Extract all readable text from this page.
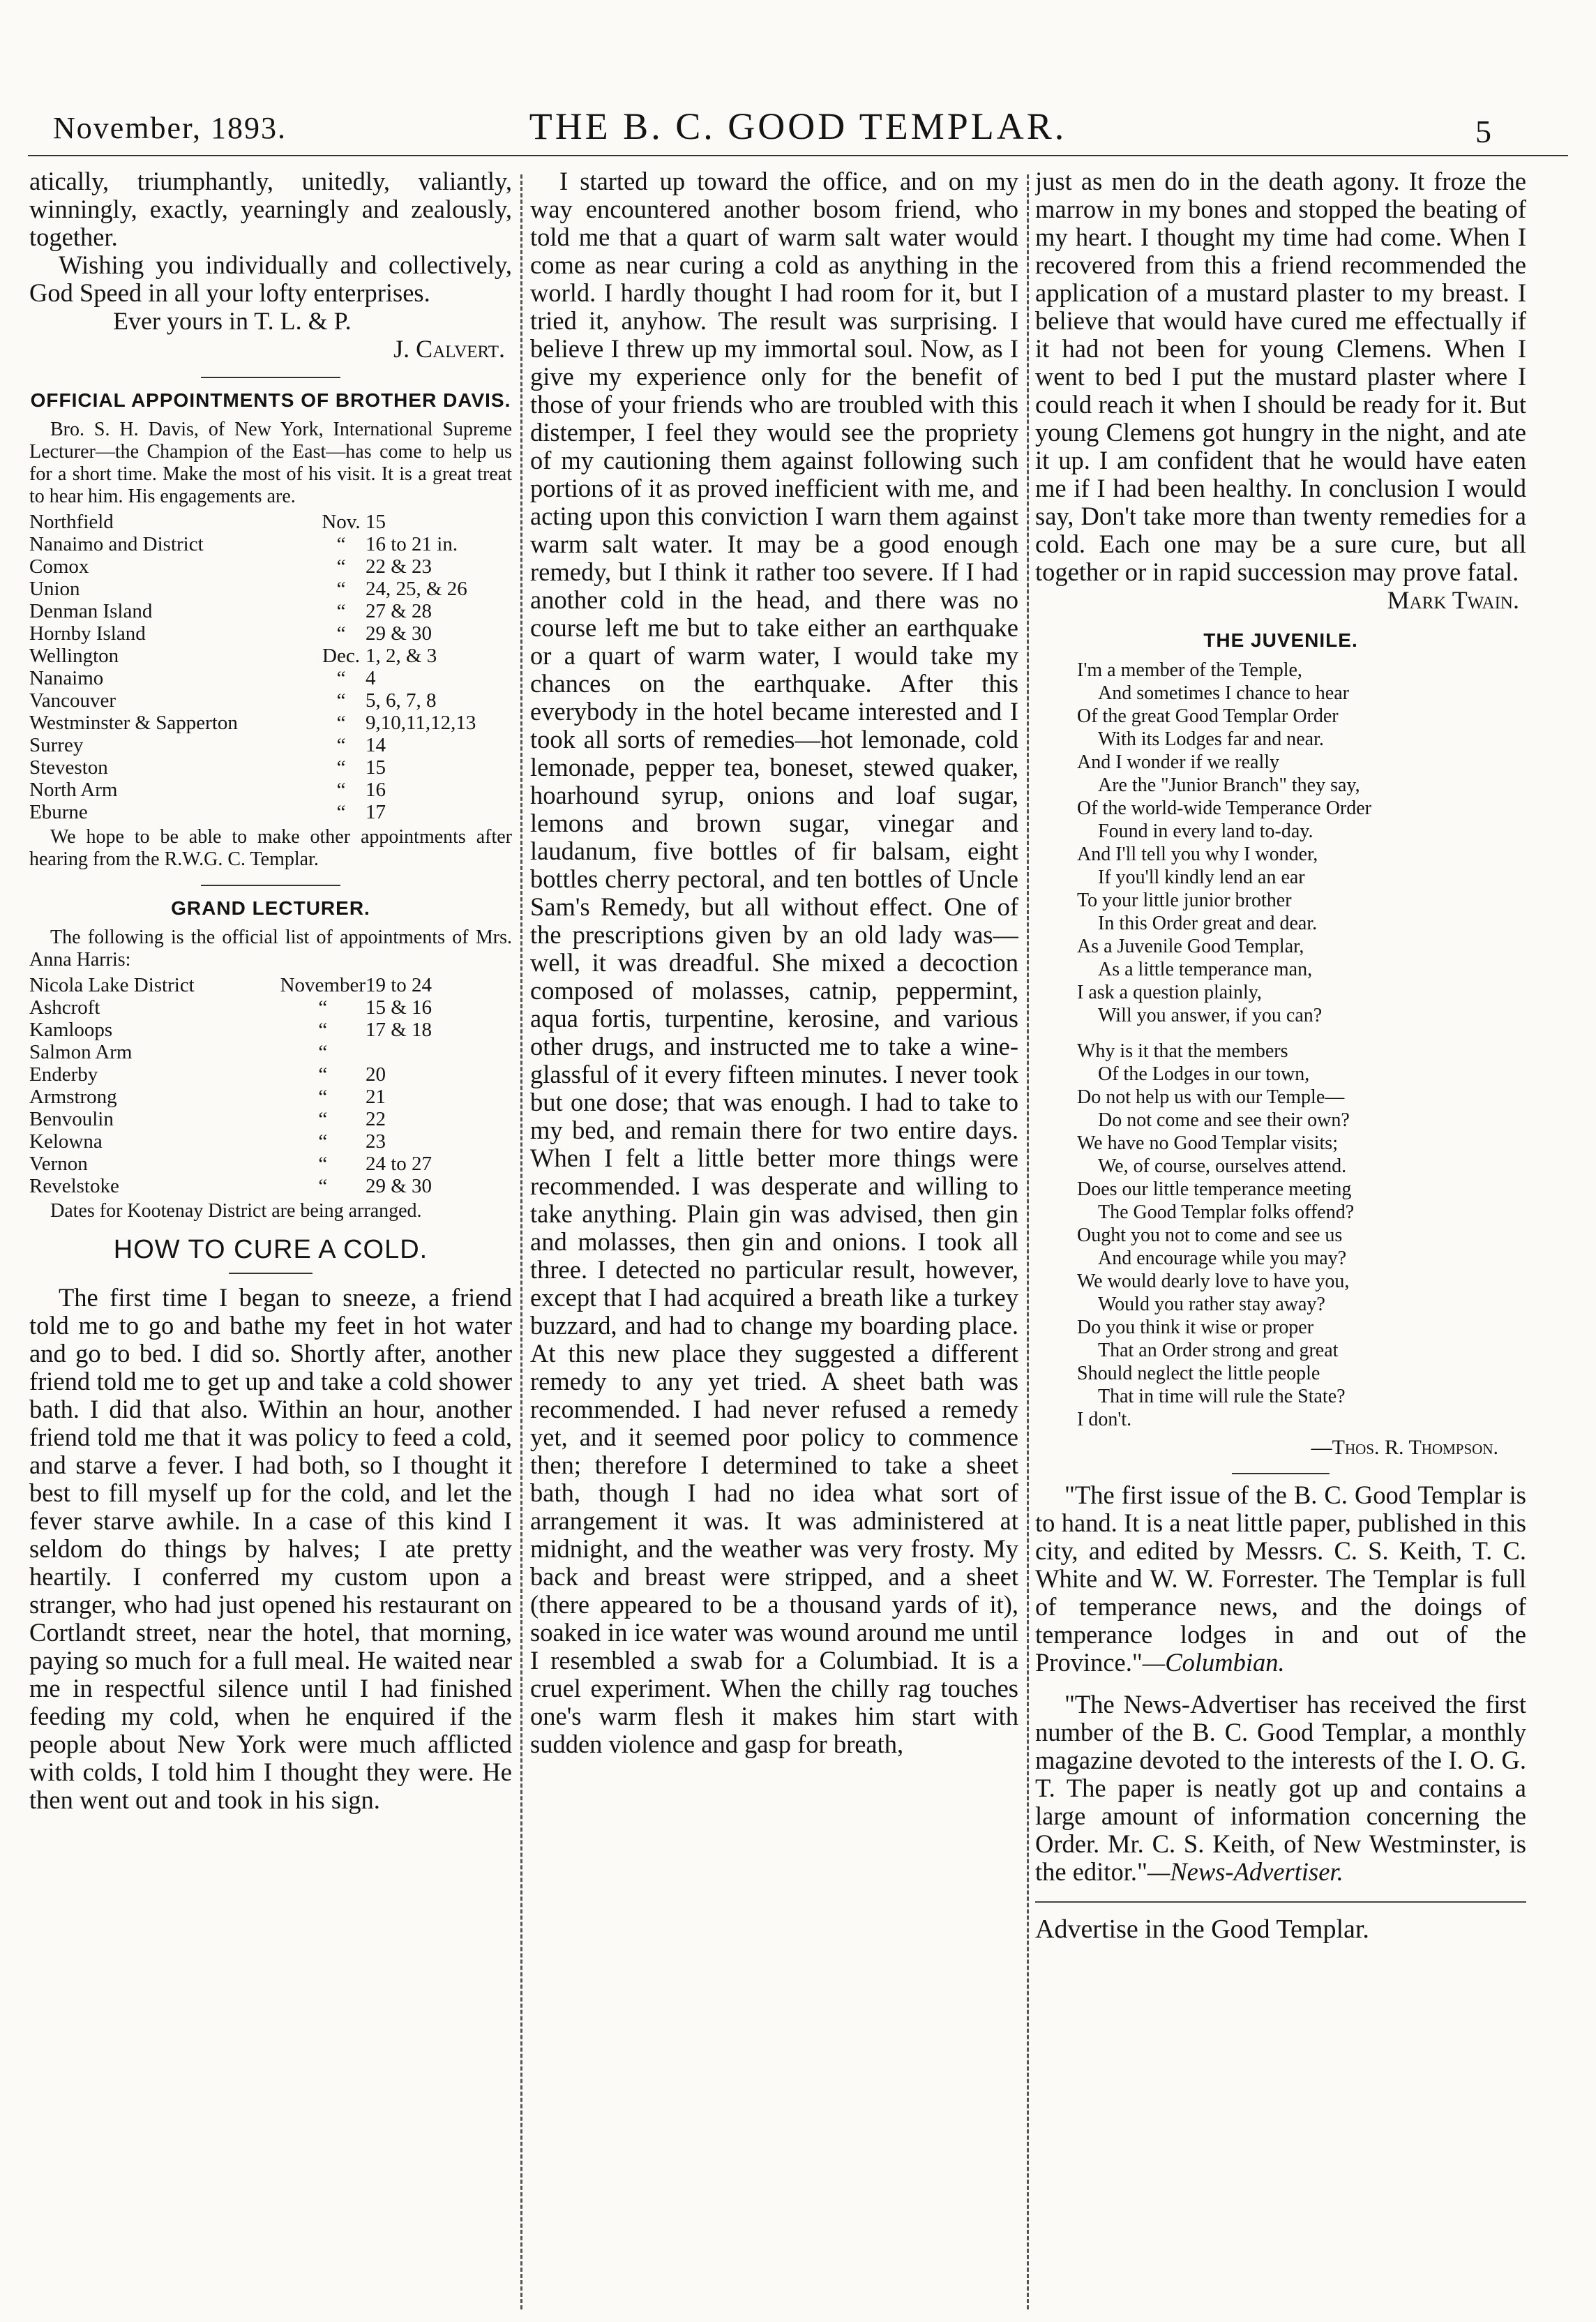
November, 1893.	THE B. C. GOOD TEMPLAR.	5

atically, triumphantly, unitedly, valiantly, winningly, exactly, yearningly and zealously, together.

Wishing you individually and collectively, God Speed in all your lofty enterprises.

Ever yours in T. L. & P.

J. Calvert.

OFFICIAL APPOINTMENTS OF BROTHER DAVIS.

Bro. S. H. Davis, of New York, International Supreme Lecturer—the Champion of the East—has come to help us for a short time. Make the most of his visit. It is a great treat to hear him. His engagements are.

Northfield	Nov.	15
Nanaimo and District	“	16 to 21 in.
Comox	“	22 & 23
Union	“	24, 25, & 26
Denman Island	“	27 & 28
Hornby Island	“	29 & 30
Wellington	Dec.	1, 2, & 3
Nanaimo	“	4
Vancouver	“	5, 6, 7, 8
Westminster & Sapperton	“	9,10,11,12,13
Surrey	“	14
Steveston	“	15
North Arm	“	16
Eburne	“	17

We hope to be able to make other appointments after hearing from the R.W.G. C. Templar.

GRAND LECTURER.

The following is the official list of appointments of Mrs. Anna Harris:

Nicola Lake District	November	19 to 24
Ashcroft	“	15 & 16
Kamloops	“	17 & 18
Salmon Arm	“	
Enderby	“	20
Armstrong	“	21
Benvoulin	“	22
Kelowna	“	23
Vernon	“	24 to 27
Revelstoke	“	29 & 30

Dates for Kootenay District are being arranged.

HOW TO CURE A COLD.

The first time I began to sneeze, a friend told me to go and bathe my feet in hot water and go to bed. I did so. Shortly after, another friend told me to get up and take a cold shower bath. I did that also. Within an hour, another friend told me that it was policy to feed a cold, and starve a fever. I had both, so I thought it best to fill myself up for the cold, and let the fever starve awhile. In a case of this kind I seldom do things by halves; I ate pretty heartily. I conferred my custom upon a stranger, who had just opened his restaurant on Cortlandt street, near the hotel, that morning, paying so much for a full meal. He waited near me in respectful silence until I had finished feeding my cold, when he enquired if the people about New York were much afflicted with colds, I told him I thought they were. He then went out and took in his sign.

I started up toward the office, and on my way encountered another bosom friend, who told me that a quart of warm salt water would come as near curing a cold as anything in the world. I hardly thought I had room for it, but I tried it, anyhow. The result was surprising. I believe I threw up my immortal soul. Now, as I give my experience only for the benefit of those of your friends who are troubled with this distemper, I feel they would see the propriety of my cautioning them against following such portions of it as proved inefficient with me, and acting upon this conviction I warn them against warm salt water. It may be a good enough remedy, but I think it rather too severe. If I had another cold in the head, and there was no course left me but to take either an earthquake or a quart of warm water, I would take my chances on the earthquake. After this everybody in the hotel became interested and I took all sorts of remedies—hot lemonade, cold lemonade, pepper tea, boneset, stewed quaker, hoarhound syrup, onions and loaf sugar, lemons and brown sugar, vinegar and laudanum, five bottles of fir balsam, eight bottles cherry pectoral, and ten bottles of Uncle Sam's Remedy, but all without effect. One of the prescriptions given by an old lady was—well, it was dreadful. She mixed a decoction composed of molasses, catnip, peppermint, aqua fortis, turpentine, kerosine, and various other drugs, and instructed me to take a wine-glassful of it every fifteen minutes. I never took but one dose; that was enough. I had to take to my bed, and remain there for two entire days. When I felt a little better more things were recommended. I was desperate and willing to take anything. Plain gin was advised, then gin and molasses, then gin and onions. I took all three. I detected no particular result, however, except that I had acquired a breath like a turkey buzzard, and had to change my boarding place. At this new place they suggested a different remedy to any yet tried. A sheet bath was recommended. I had never refused a remedy yet, and it seemed poor policy to commence then; therefore I determined to take a sheet bath, though I had no idea what sort of arrangement it was. It was administered at midnight, and the weather was very frosty. My back and breast were stripped, and a sheet (there appeared to be a thousand yards of it), soaked in ice water was wound around me until I resembled a swab for a Columbiad. It is a cruel experiment. When the chilly rag touches one's warm flesh it makes him start with sudden violence and gasp for breath,

just as men do in the death agony. It froze the marrow in my bones and stopped the beating of my heart. I thought my time had come. When I recovered from this a friend recommended the application of a mustard plaster to my breast. I believe that would have cured me effectually if it had not been for young Clemens. When I went to bed I put the mustard plaster where I could reach it when I should be ready for it. But young Clemens got hungry in the night, and ate it up. I am confident that he would have eaten me if I had been healthy. In conclusion I would say, Don't take more than twenty remedies for a cold. Each one may be a sure cure, but all together or in rapid succession may prove fatal.

Mark Twain.

THE JUVENILE.
I'm a member of the Temple,
And sometimes I chance to hear
Of the great Good Templar Order
With its Lodges far and near.
And I wonder if we really
Are the "Junior Branch" they say,
Of the world-wide Temperance Order
Found in every land to-day.
And I'll tell you why I wonder,
If you'll kindly lend an ear
To your little junior brother
In this Order great and dear.
As a Juvenile Good Templar,
As a little temperance man,
I ask a question plainly,
Will you answer, if you can?
Why is it that the members
Of the Lodges in our town,
Do not help us with our Temple—
Do not come and see their own?
We have no Good Templar visits;
We, of course, ourselves attend.
Does our little temperance meeting
The Good Templar folks offend?
Ought you not to come and see us
And encourage while you may?
We would dearly love to have you,
Would you rather stay away?
Do you think it wise or proper
That an Order strong and great
Should neglect the little people
That in time will rule the State?
I don't.
—Thos. R. Thompson.

"The first issue of the B. C. Good Templar is to hand. It is a neat little paper, published in this city, and edited by Messrs. C. S. Keith, T. C. White and W. W. Forrester. The Templar is full of temperance news, and the doings of temperance lodges in and out of the Province."—Columbian.

"The News-Advertiser has received the first number of the B. C. Good Templar, a monthly magazine devoted to the interests of the I. O. G. T. The paper is neatly got up and contains a large amount of information concerning the Order. Mr. C. S. Keith, of New Westminster, is the editor."—News-Advertiser.

Advertise in the Good Templar.
